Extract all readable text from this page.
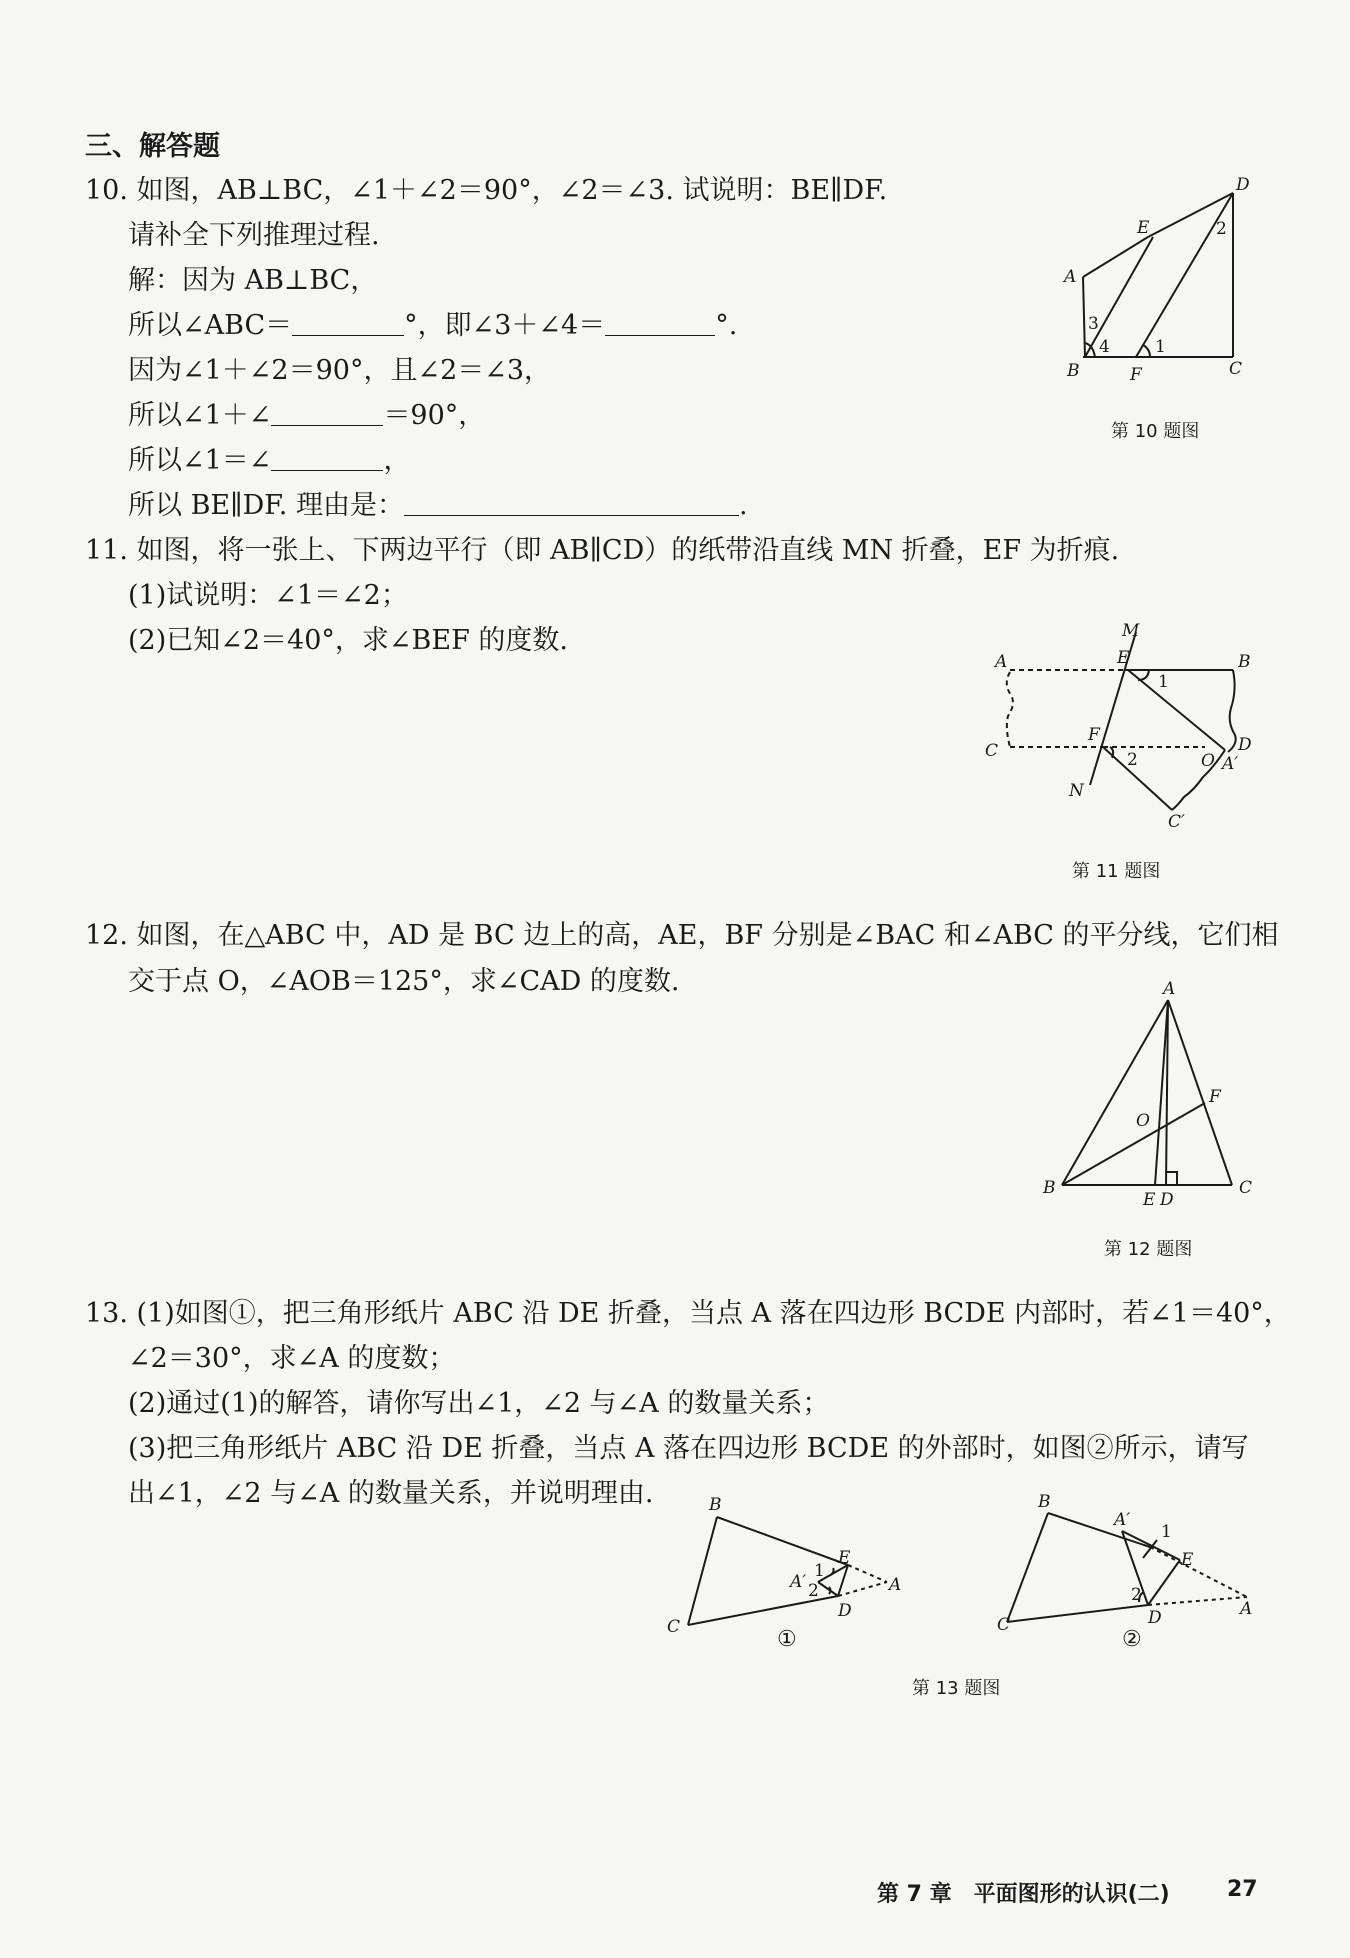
三、解答题
10. 如图，AB⊥BC，∠1＋∠2＝90°，∠2＝∠3. 试说明：BE∥DF.
请补全下列推理过程.
解：因为 AB⊥BC，
所以∠ABC＝	°，即∠3＋∠4＝	°.
因为∠1＋∠2＝90°，且∠2＝∠3，
所以∠1＋∠	＝90°，
所以∠1＝∠	，
所以 BE∥DF. 理由是：	.
D
E
A
B	F	C
1
2
3
4
第 10 题图
11. 如图，将一张上、下两边平行（即 AB∥CD）的纸带沿直线 MN 折叠，EF 为折痕.
(1)试说明：∠1＝∠2；
(2)已知∠2＝40°，求∠BEF 的度数.	M
E
A	B
1
C
F
2
D
O A′
N
C′
第 11 题图
12. 如图，在△ABC 中，AD 是 BC 边上的高，AE，BF 分别是∠BAC 和∠ABC 的平分线，它们相
交于点 O，∠AOB＝125°，求∠CAD 的度数.	A
F
O
B
E D
C
第 12 题图
13. (1)如图①，把三角形纸片 ABC 沿 DE 折叠，当点 A 落在四边形 BCDE 内部时，若∠1＝40°，
∠2＝30°，求∠A 的度数；
(2)通过(1)的解答，请你写出∠1，∠2 与∠A 的数量关系；
(3)把三角形纸片 ABC 沿 DE 折叠，当点 A 落在四边形 BCDE 的外部时，如图②所示，请写
出∠1，∠2 与∠A 的数量关系，并说明理由.	B
C
E
D
A
A′
1
2
①
B
C
A′
1
E
2
D	A
②
第 13 题图
第 7 章　平面图形的认识(二)	27
